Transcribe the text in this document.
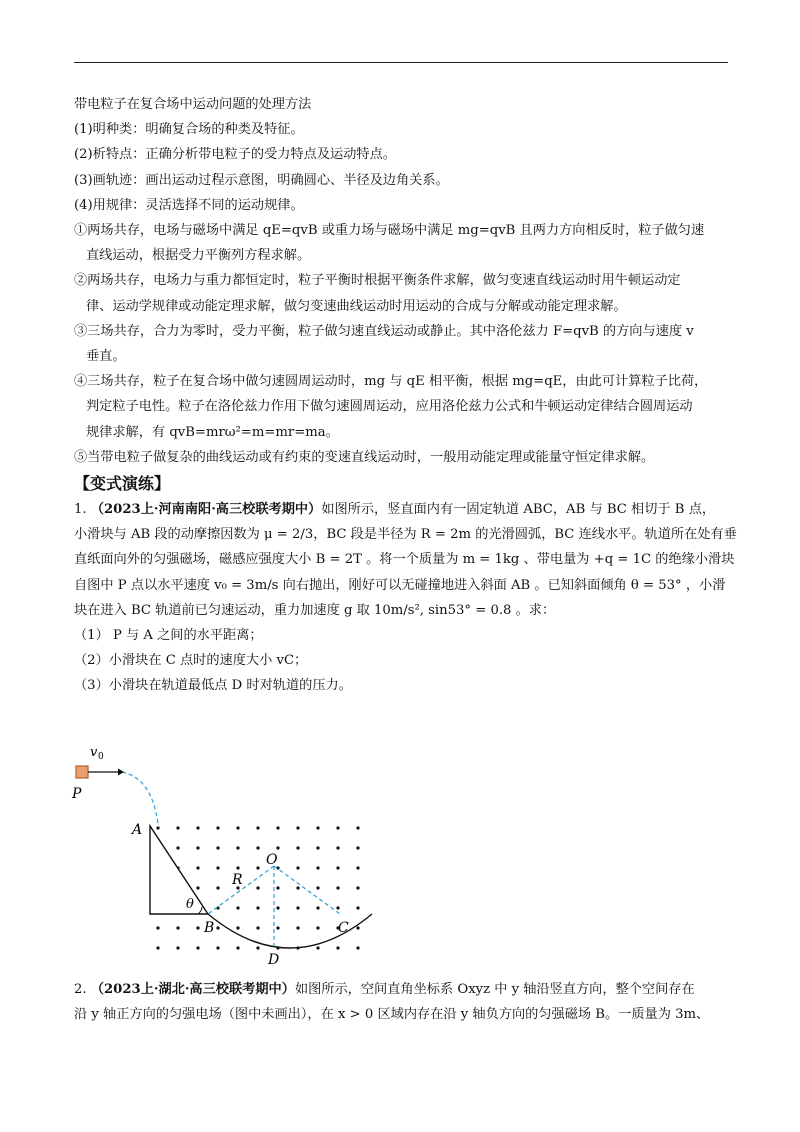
带电粒子在复合场中运动问题的处理方法
(1)明种类：明确复合场的种类及特征。
(2)析特点：正确分析带电粒子的受力特点及运动特点。
(3)画轨迹：画出运动过程示意图，明确圆心、半径及边角关系。
(4)用规律：灵活选择不同的运动规律。
①两场共存，电场与磁场中满足 qE=qvB 或重力场与磁场中满足 mg=qvB 且两力方向相反时，粒子做匀速
直线运动，根据受力平衡列方程求解。
②两场共存，电场力与重力都恒定时，粒子平衡时根据平衡条件求解，做匀变速直线运动时用牛顿运动定
律、运动学规律或动能定理求解，做匀变速曲线运动时用运动的合成与分解或动能定理求解。
③三场共存，合力为零时，受力平衡，粒子做匀速直线运动或静止。其中洛伦兹力 F=qvB 的方向与速度 v
垂直。
④三场共存，粒子在复合场中做匀速圆周运动时，mg 与 qE 相平衡，根据 mg=qE，由此可计算粒子比荷，
判定粒子电性。粒子在洛伦兹力作用下做匀速圆周运动，应用洛伦兹力公式和牛顿运动定律结合圆周运动
规律求解，有 qvB=mrω²=m=mr=ma。
⑤当带电粒子做复杂的曲线运动或有约束的变速直线运动时，一般用动能定理或能量守恒定律求解。
【变式演练】
1. （2023上·河南南阳·高三校联考期中）如图所示，竖直面内有一固定轨道 ABC，AB 与 BC 相切于 B 点，
小滑块与 AB 段的动摩擦因数为 μ = 2/3，BC 段是半径为 R = 2m 的光滑圆弧，BC 连线水平。轨道所在处有垂
直纸面向外的匀强磁场，磁感应强度大小 B = 2T 。将一个质量为 m = 1kg 、带电量为 +q = 1C 的绝缘小滑块
自图中 P 点以水平速度 v₀ = 3m/s 向右抛出，刚好可以无碰撞地进入斜面 AB 。已知斜面倾角 θ = 53° ，小滑
块在进入 BC 轨道前已匀速运动，重力加速度 g 取 10m/s², sin53° = 0.8 。求：
（1） P 与 A 之间的水平距离；
（2）小滑块在 C 点时的速度大小 vC；
（3）小滑块在轨道最低点 D 时对轨道的压力。
v 0
P
A
O
R
θ
B	C
D
2. （2023上·湖北·高三校联考期中）如图所示，空间直角坐标系 Oxyz 中 y 轴沿竖直方向，整个空间存在
沿 y 轴正方向的匀强电场（图中未画出），在 x > 0 区域内存在沿 y 轴负方向的匀强磁场 B。一质量为 3m、
